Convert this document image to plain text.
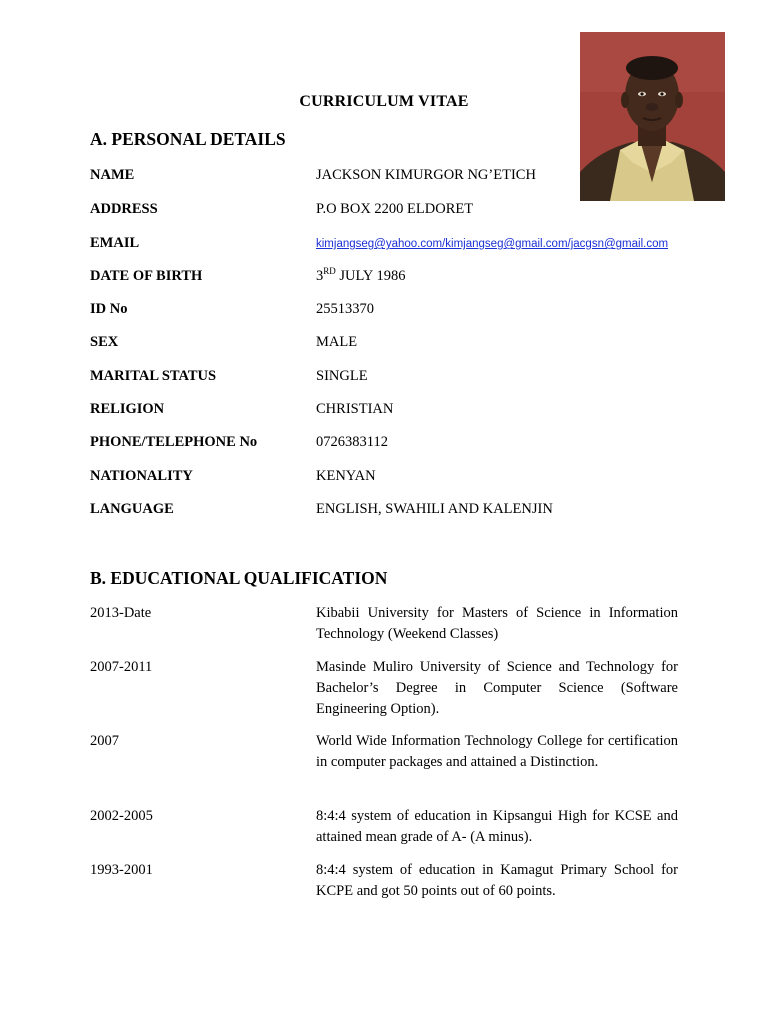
CURRICULUM VITAE
A. PERSONAL DETAILS
NAME	JACKSON KIMURGOR NG’ETICH
ADDRESS	P.O BOX 2200 ELDORET
EMAIL	kimjangseg@yahoo.com/kimjangseg@gmail.com/jacgsn@gmail.com
DATE OF BIRTH	3RD JULY 1986
ID No	25513370
SEX	MALE
MARITAL STATUS	SINGLE
RELIGION	CHRISTIAN
PHONE/TELEPHONE No	0726383112
NATIONALITY	KENYAN
LANGUAGE	ENGLISH, SWAHILI AND KALENJIN
B. EDUCATIONAL QUALIFICATION
2013-Date	Kibabii University for Masters of Science in Information Technology (Weekend Classes)
2007-2011	Masinde Muliro University of Science and Technology for Bachelor’s Degree in Computer Science (Software Engineering Option).
2007	World Wide Information Technology College for certification in computer packages and attained a Distinction.
2002-2005	8:4:4 system of education in Kipsangui High for KCSE and attained mean grade of A- (A minus).
1993-2001	8:4:4 system of education in Kamagut Primary School for KCPE and got 50 points out of 60 points.
